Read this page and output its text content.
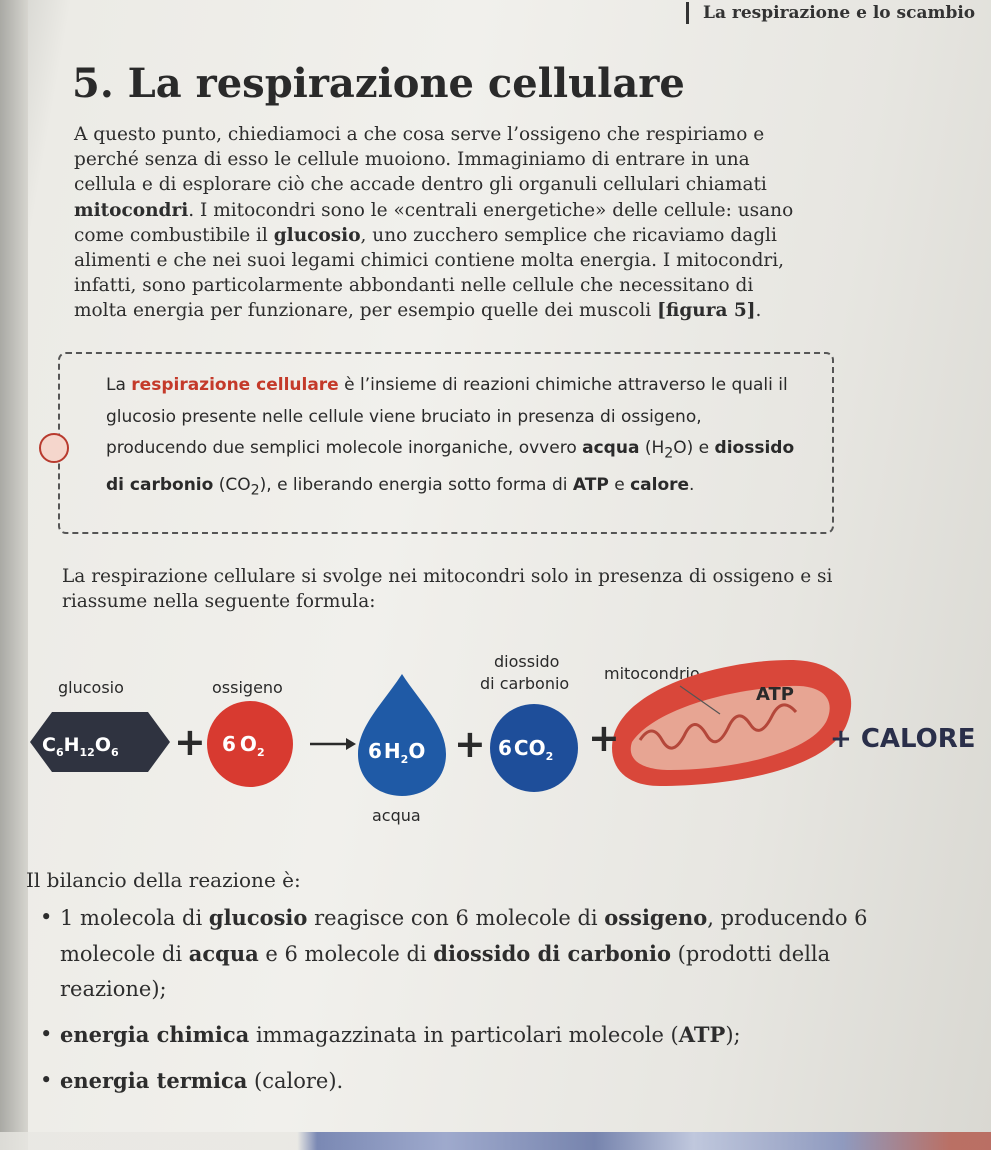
La respirazione e lo scambio
5. La respirazione cellulare

A questo punto, chiediamoci a che cosa serve l’ossigeno che respiriamo e perché senza di esso le cellule muoiono. Immaginiamo di entrare in una cellula e di esplorare ciò che accade dentro gli organuli cellulari chiamati mitocondri. I mitocondri sono le «centrali energetiche» delle cellule: usano come combustibile il glucosio, uno zucchero semplice che ricaviamo dagli alimenti e che nei suoi legami chimici contiene molta energia. I mitocondri, infatti, sono particolarmente abbondanti nelle cellule che necessitano di molta energia per funzionare, per esempio quelle dei muscoli [figura 5].

La respirazione cellulare è l’insieme di reazioni chimiche attraverso le quali il glucosio presente nelle cellule viene bruciato in presenza di ossigeno, producendo due semplici molecole inorganiche, ovvero acqua $(H_2O)$ e diossido di carbonio $(CO_2)$, e liberando energia sotto forma di ATP e calore.

La respirazione cellulare si svolge nei mitocondri solo in presenza di ossigeno e si riassume nella seguente formula:

glucosio	ossigeno
diossido
di carbonio
mitocondrio
acqua
$C_6H_{12}O_6$	6 $O_2$	6 $H_2O$	6 $CO_2$
ATP
+	+	+	+ CALORE

Il bilancio della reazione è:

• 1 molecola di glucosio reagisce con 6 molecole di ossigeno, producendo 6 molecole di acqua e 6 molecole di diossido di carbonio (prodotti della reazione);
• energia chimica immagazzinata in particolari molecole (ATP);
• energia termica (calore).
